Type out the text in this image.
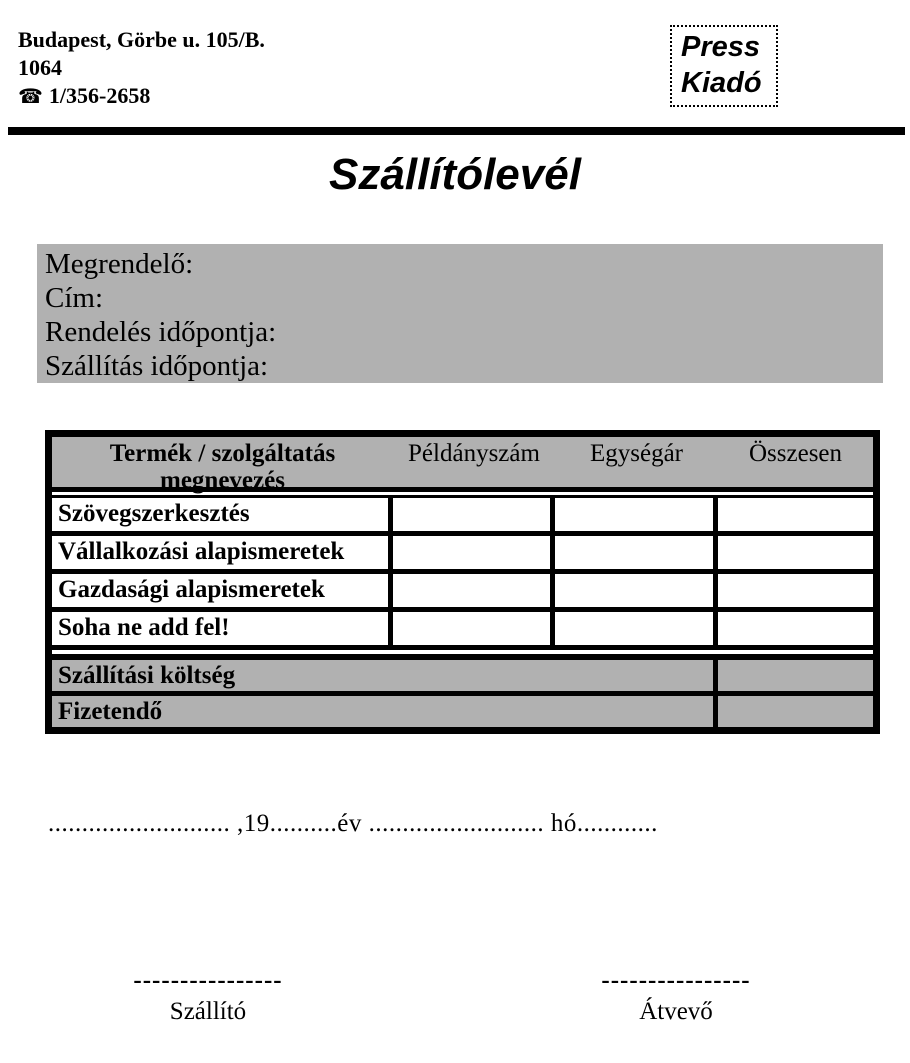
Budapest, Görbe u. 105/B.
1064
☎ 1/356-2658
Press
Kiadó
Szállítólevél
Megrendelő:
Cím:
Rendelés időpontja:
Szállítás időpontja:
Termék / szolgáltatás
megnevezés
Példányszám	Egységár	Összesen
Szövegszerkesztés
Vállalkozási alapismeretek
Gazdasági alapismeretek
Soha ne add fel!
Szállítási költség
Fizetendő
........................... ,19..........év .......................... hó............
----------------
Szállító
----------------
Átvevő
